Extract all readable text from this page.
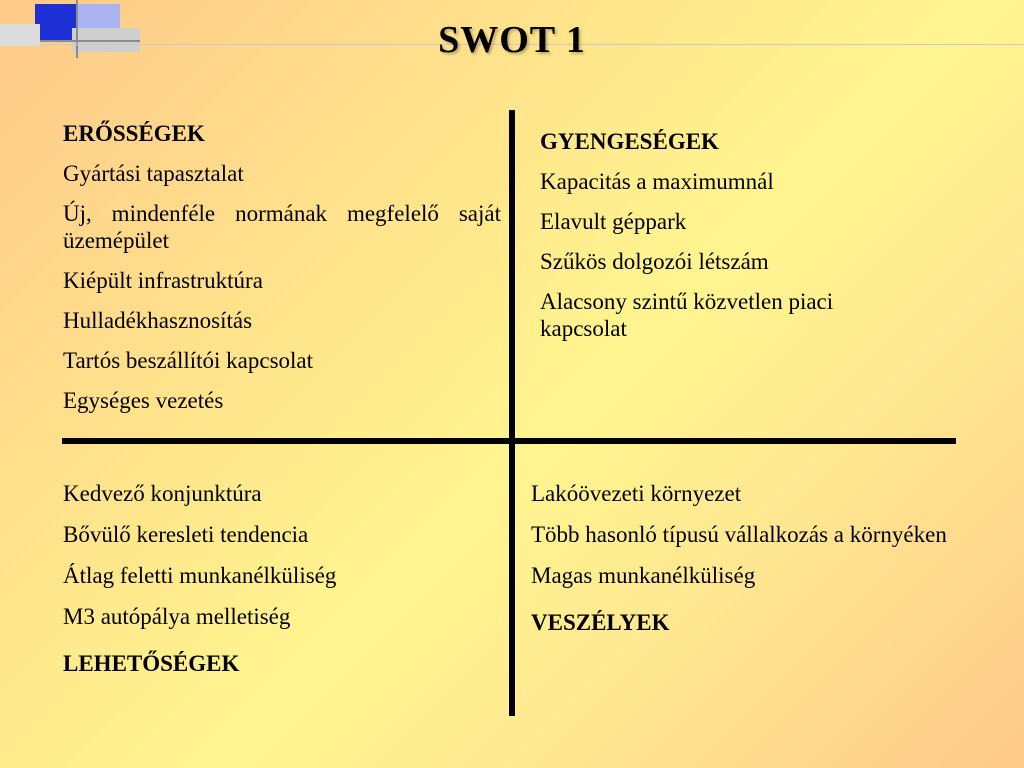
SWOT 1

ERŐSSÉGEK

Gyártási tapasztalat

Új, mindenféle normának megfelelő saját üzemépület

Kiépült infrastruktúra

Hulladékhasznosítás

Tartós beszállítói kapcsolat

Egységes vezetés

GYENGESÉGEK

Kapacitás a maximumnál

Elavult géppark

Szűkös dolgozói létszám

Alacsony szintű közvetlen piaci kapcsolat

Kedvező konjunktúra

Bővülő keresleti tendencia

Átlag feletti munkanélküliség

M3 autópálya melletiség

LEHETŐSÉGEK

Lakóövezeti környezet

Több hasonló típusú vállalkozás a környéken

Magas munkanélküliség

VESZÉLYEK
